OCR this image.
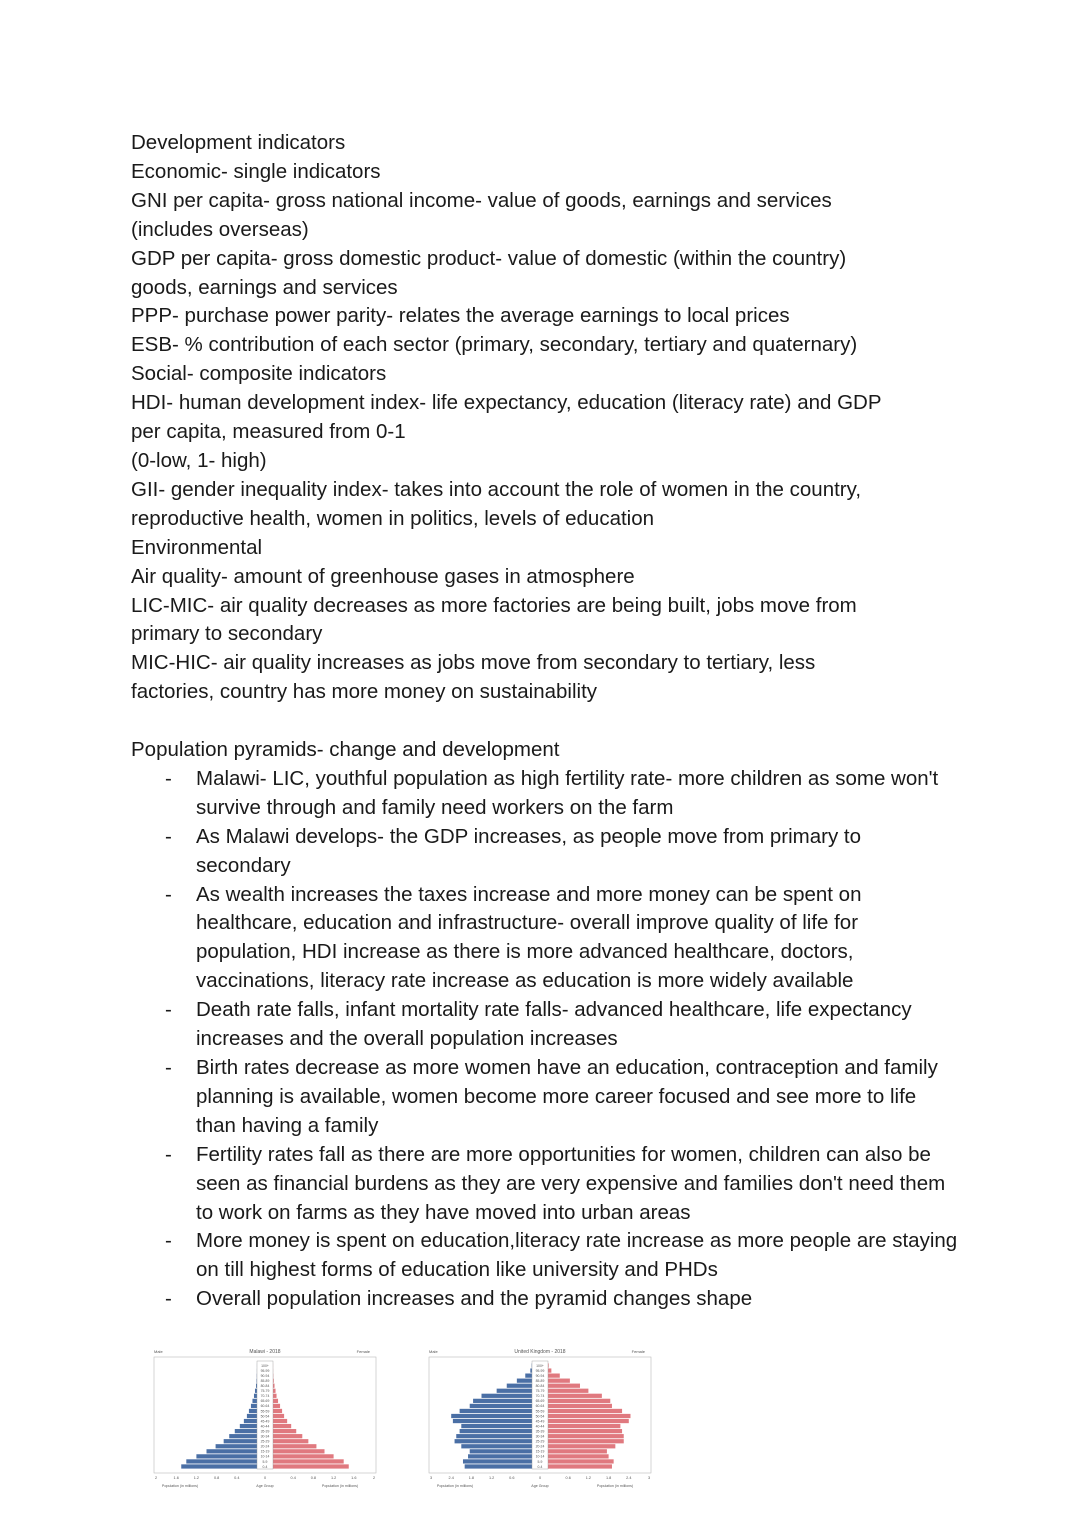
Development indicators
Economic- single indicators
GNI per capita- gross national income- value of goods, earnings and services
(includes overseas)
GDP per capita- gross domestic product- value of domestic (within the country)
goods, earnings and services
PPP- purchase power parity- relates the average earnings to local prices
ESB- % contribution of each sector (primary, secondary, tertiary and quaternary)
Social- composite indicators
HDI- human development index- life expectancy, education (literacy rate) and GDP
per capita, measured from 0-1
(0-low, 1- high)
GII- gender inequality index- takes into account the role of women in the country,
reproductive health, women in politics, levels of education
Environmental
Air quality- amount of greenhouse gases in atmosphere
LIC-MIC- air quality decreases as more factories are being built, jobs move from
primary to secondary
MIC-HIC- air quality increases as jobs move from secondary to tertiary, less
factories, country has more money on sustainability
Population pyramids- change and development
- Malawi- LIC, youthful population as high fertility rate- more children as some won't survive through and family need workers on the farm
- As Malawi develops- the GDP increases, as people move from primary to secondary
- As wealth increases the taxes increase and more money can be spent on healthcare, education and infrastructure- overall improve quality of life for population, HDI increase as there is more advanced healthcare, doctors, vaccinations, literacy rate increase as education is more widely available
- Death rate falls, infant mortality rate falls- advanced healthcare, life expectancy increases and the overall population increases
- Birth rates decrease as more women have an education, contraception and family planning is available, women become more career focused and see more to life than having a family
- Fertility rates fall as there are more opportunities for women, children can also be seen as financial burdens as they are very expensive and families don't need them to work on farms as they have moved into urban areas
- More money is spent on education,literacy rate increase as more people are staying on till highest forms of education like university and PHDs
- Overall population increases and the pyramid changes shape
Malawi - 2018
Male	Female
0-4
5-9
10-14
15-19
20-24
25-29
30-34
35-39
40-44
45-49
50-54
55-59
60-64
65-69
70-74
75-79
80-84
85-89
90-94
95-99
100+
2	1.6	1.2	0.8	0.4	0	0.4	0.8	1.2	1.6	2
Population (in millions)	Age Group	Population (in millions)
United Kingdom - 2018
Male	Female
0-4
5-9
10-14
15-19
20-24
25-29
30-34
35-39
40-44
45-49
50-54
55-59
60-64
65-69
70-74
75-79
80-84
85-89
90-94
95-99
100+
3	2.4	1.8	1.2	0.6	0	0.6	1.2	1.8	2.4	3
Population (in millions)	Age Group	Population (in millions)
